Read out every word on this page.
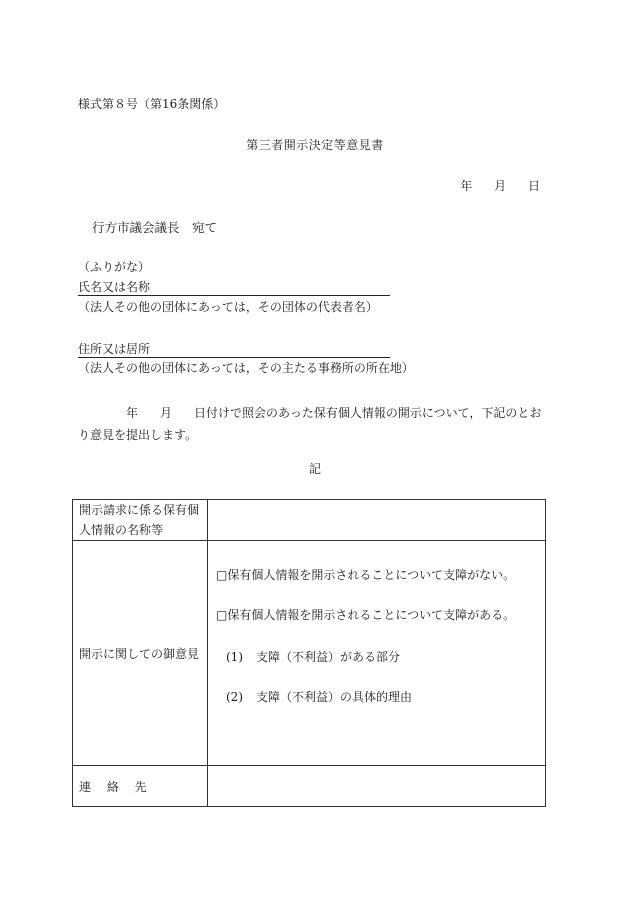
様式第８号（第16条関係）
第三者開示決定等意見書
年 月 日
行方市議会議長　宛て
（ふりがな）
氏名又は名称
（法人その他の団体にあっては，その団体の代表者名）
住所又は居所
（法人その他の団体にあっては，その主たる事務所の所在地）
年 月 日付けで照会のあった保有個人情報の開示について，下記のとおり意見を提出します。
記
開示請求に係る保有個
人情報の名称等	

開示に関しての御意見	□保有個人情報を開示されることについて支障がない。
□保有個人情報を開示されることについて支障がある。
(1) 支障（不利益）がある部分
(2) 支障（不利益）の具体的理由

連 絡 先	
